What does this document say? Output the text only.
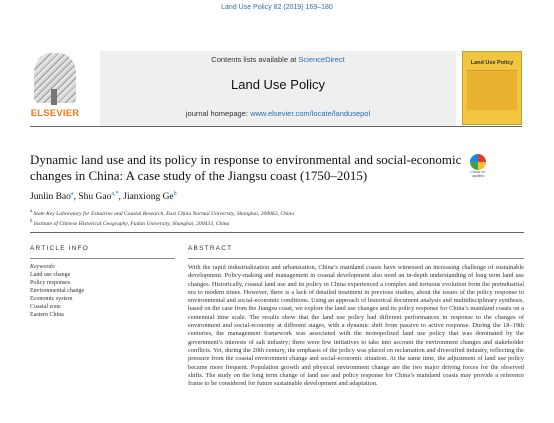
Land Use Policy 82 (2019) 169–180
ELSEVIER
Contents lists available at ScienceDirect
Land Use Policy
journal homepage: www.elsevier.com/locate/landusepol
Land Use Policy
Dynamic land use and its policy in response to environmental and social-economic changes in China: A case study of the Jiangsu coast (1750–2015)	Check for updates
Junlin Bao$^a$, Shu Gao$^{a,*}$, Jianxiong Ge$^b$
$^a$ State Key Laboratory for Estuarine and Coastal Research, East China Normal University, Shanghai, 200062, China
$^b$ Institute of Chinese Historical Geography, Fudan University, Shanghai, 200433, China
ARTICLE INFO
Keywords:
Land use change
Policy responses
Environmental change
Economic system
Coastal zone
Eastern China
ABSTRACT
With the rapid industrialization and urbanization, China’s mainland coasts have witnessed an increasing challenge of sustainable development. Policy-making and management in coastal development also need an in-depth understanding of long term land use changes. Historically, coastal land use and its policy in China experienced a complex and tortuous evolution from the preindustrial era to modern times. However, there is a lack of detailed treatment in previous studies, about the issues of the policy response to environmental and social-economic conditions. Using an approach of historical document analysis and multidisciplinary synthesis, based on the case from the Jiangsu coast, we explore the land use changes and its policy response for China’s mainland coasts on a centennial time scale. The results show that the land use policy had different performances in response to the changes of environment and social-economy at different stages, with a dynamic shift from passive to active response. During the 18–19th centuries, the management framework was associated with the monopolized land use policy that was dominated by the government’s interests of salt industry; there were few initiatives to take into account the environment changes and stakeholder conflicts. Yet, during the 20th century, the emphasis of the policy was placed on reclamation and diversified industry, reflecting the pressure from the coastal environment change and social-economic situation. At the same time, the adjustment of land use policy became more frequent. Population growth and physical environment change are the two major driving forces for the observed shifts. The study on the long term change of land use and policy response for China’s mainland coasts may provide a reference frame to be considered for future sustainable development and adaptation.
